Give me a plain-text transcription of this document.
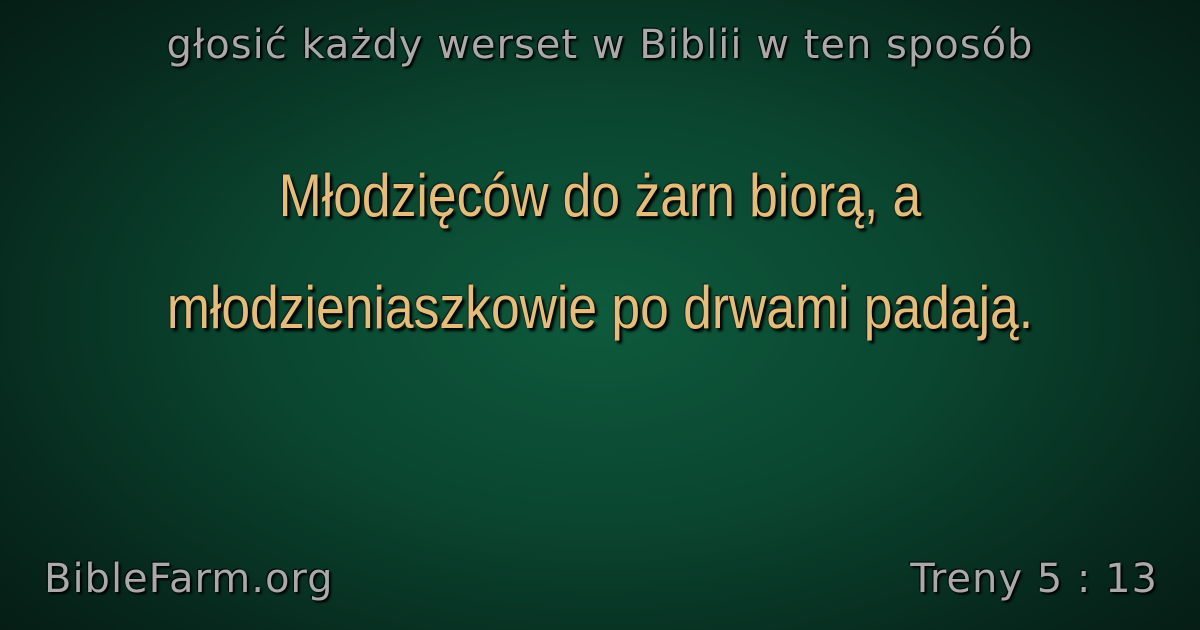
głosić każdy werset w Biblii w ten sposób
Młodzięców do żarn biorą, a młodzieniaszkowie po drwami padają.
BibleFarm.org	Treny 5 : 13
